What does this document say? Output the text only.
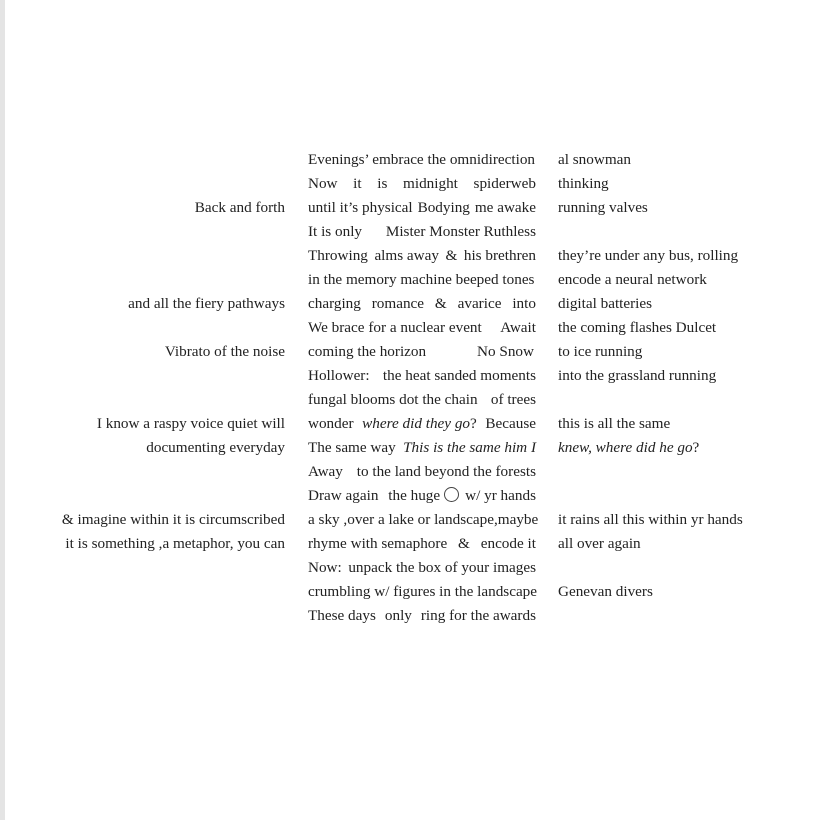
Evenings’ embrace the omnidirection al snowman
Now it is midnight spiderweb thinking
Back and forth until it’s physical Bodying me awake running valves
It is only Mister Monster Ruthless
Throwing alms away & his brethren they’re under any bus, rolling
in the memory machine beeped tones encode a neural network
and all the fiery pathways charging romance & avarice into digital batteries
We brace for a nuclear event Await the coming flashes Dulcet
Vibrato of the noise coming the horizon	No Snow to ice running
Hollower: the heat sanded moments into the grassland running
fungal blooms dot the chain of trees
I know a raspy voice quiet will wonder where did they go? Because this is all the same
documenting everyday The same way This is the same him I knew, where did he go?
Away to the land beyond the forests
Draw again the huge w/ yr hands
& imagine within it is circumscribed a sky ,over a lake or landscape, maybe it rains all this within yr hands
it is something ,a metaphor, you can rhyme with semaphore & encode it all over again
Now: unpack the box of your images
crumbling w/ figures in the landscape Genevan divers
These days only ring for the awards
